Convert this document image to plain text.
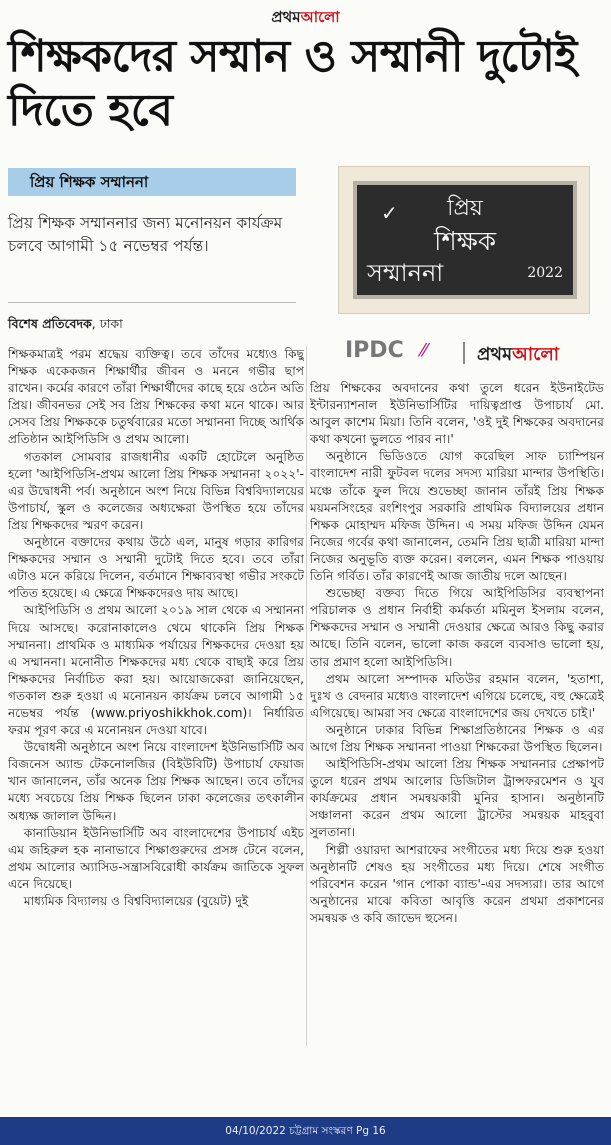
প্রথমআলো
শিক্ষকদের সম্মান ও সম্মানী দুটোই দিতে হবে
প্রিয় শিক্ষক সম্মাননা
প্রিয় শিক্ষক সম্মাননার জন্য মনোনয়ন কার্যক্রম চলবে আগামী ১৫ নভেম্বর পর্যন্ত।
বিশেষ প্রতিবেদক, ঢাকা
✓	প্রিয়
শিক্ষক
সম্মাননা	2022
IPDC ⁄⁄	প্রথমআলো

শিক্ষকমাত্রই পরম শ্রদ্ধেয় ব্যক্তিত্ব। তবে তাঁদের মধ্যেও কিছু শিক্ষক একেকজন শিক্ষার্থীর জীবন ও মননে গভীর ছাপ রাখেন। কর্মের কারণে তাঁরা শিক্ষার্থীদের কাছে হয়ে ওঠেন অতি প্রিয়। জীবনভর সেই সব প্রিয় শিক্ষকের কথা মনে থাকে। আর সেসব প্রিয় শিক্ষককে চতুর্থবারের মতো সম্মাননা দিচ্ছে আর্থিক প্রতিষ্ঠান আইপিডিসি ও প্রথম আলো।

গতকাল সোমবার রাজধানীর একটি হোটেলে অনুষ্ঠিত হলো 'আইপিডিসি-প্রথম আলো প্রিয় শিক্ষক সম্মাননা ২০২২'-এর উদ্বোধনী পর্ব। অনুষ্ঠানে অংশ নিয়ে বিভিন্ন বিশ্ববিদ্যালয়ের উপাচার্য, স্কুল ও কলেজের অধ্যক্ষেরা উপস্থিত হয়ে তাঁদের প্রিয় শিক্ষকদের স্মরণ করেন।

অনুষ্ঠানে বক্তাদের কথায় উঠে এল, মানুষ গড়ার কারিগর শিক্ষকদের সম্মান ও সম্মানী দুটোই দিতে হবে। তবে তাঁরা এটাও মনে করিয়ে দিলেন, বর্তমানে শিক্ষাব্যবস্থা গভীর সংকটে পতিত হয়েছে। এ ক্ষেত্রে শিক্ষকদেরও দায় আছে।

আইপিডিসি ও প্রথম আলো ২০১৯ সাল থেকে এ সম্মাননা দিয়ে আসছে। করোনাকালেও থেমে থাকেনি প্রিয় শিক্ষক সম্মাননা। প্রাথমিক ও মাধ্যমিক পর্যায়ের শিক্ষকদের দেওয়া হয় এ সম্মাননা। মনোনীত শিক্ষকদের মধ্য থেকে বাছাই করে প্রিয় শিক্ষকদের নির্বাচিত করা হয়। আয়োজকেরা জানিয়েছেন, গতকাল শুরু হওয়া এ মনোনয়ন কার্যক্রম চলবে আগামী ১৫ নভেম্বর পর্যন্ত (www.priyoshikkhok.com)। নির্ধারিত ফরম পূরণ করে এ মনোনয়ন দেওয়া যাবে।

উদ্বোধনী অনুষ্ঠানে অংশ নিয়ে বাংলাদেশ ইউনিভার্সিটি অব বিজনেস অ্যান্ড টেকনোলজির (বিইউবিটি) উপাচার্য ফেয়াজ খান জানালেন, তাঁর অনেক প্রিয় শিক্ষক আছেন। তবে তাঁদের মধ্যে সবচেয়ে প্রিয় শিক্ষক ছিলেন ঢাকা কলেজের তৎকালীন অধ্যক্ষ জালাল উদ্দিন।

কানাডিয়ান ইউনিভার্সিটি অব বাংলাদেশের উপাচার্য এইচ এম জহিরুল হক নানাভাবে শিক্ষাগুরুদের প্রসঙ্গ টেনে বলেন, প্রথম আলোর অ্যাসিড-সন্ত্রাসবিরোধী কার্যক্রম জাতিকে সুফল এনে দিয়েছে।

মাধ্যমিক বিদ্যালয় ও বিশ্ববিদ্যালয়ের (বুয়েট) দুই

প্রিয় শিক্ষকের অবদানের কথা তুলে ধরেন ইউনাইটেড ইন্টারন্যাশনাল ইউনিভার্সিটির দায়িত্বপ্রাপ্ত উপাচার্য মো. আবুল কাশেম মিয়া। তিনি বলেন, 'ওই দুই শিক্ষকের অবদানের কথা কখনো ভুলতে পারব না।'

অনুষ্ঠানে ভিডিওতে যোগ করেছিল সাফ চ্যাম্পিয়ন বাংলাদেশ নারী ফুটবল দলের সদস্য মারিয়া মান্দার উপস্থিতি। মঞ্চে তাঁকে ফুল দিয়ে শুভেচ্ছা জানান তাঁরই প্রিয় শিক্ষক ময়মনসিংহের রংশিংপুর সরকারি প্রাথমিক বিদ্যালয়ের প্রধান শিক্ষক মোহাম্মদ মফিজ উদ্দিন। এ সময় মফিজ উদ্দিন যেমন নিজের গর্বের কথা জানালেন, তেমনি প্রিয় ছাত্রী মারিয়া মান্দা নিজের অনুভূতি ব্যক্ত করেন। বললেন, এমন শিক্ষক পাওয়ায় তিনি গর্বিত। তাঁর কারণেই আজ জাতীয় দলে আছেন।

শুভেচ্ছা বক্তব্য দিতে গিয়ে আইপিডিসির ব্যবস্থাপনা পরিচালক ও প্রধান নির্বাহী কর্মকর্তা মমিনুল ইসলাম বলেন, শিক্ষকদের সম্মান ও সম্মানী দেওয়ার ক্ষেত্রে আরও কিছু করার আছে। তিনি বলেন, ভালো কাজ করলে ব্যবসাও ভালো হয়, তার প্রমাণ হলো আইপিডিসি।

প্রথম আলো সম্পাদক মতিউর রহমান বলেন, 'হতাশা, দুঃখ ও বেদনার মধ্যেও বাংলাদেশ এগিয়ে চলেছে, বহু ক্ষেত্রেই এগিয়েছে। আমরা সব ক্ষেত্রে বাংলাদেশের জয় দেখতে চাই।'

অনুষ্ঠানে ঢাকার বিভিন্ন শিক্ষাপ্রতিষ্ঠানের শিক্ষক ও এর আগে প্রিয় শিক্ষক সম্মাননা পাওয়া শিক্ষকেরা উপস্থিত ছিলেন।

আইপিডিসি-প্রথম আলো প্রিয় শিক্ষক সম্মাননার প্রেক্ষাপট তুলে ধরেন প্রথম আলোর ডিজিটাল ট্রান্সফরমেশন ও যুব কার্যক্রমের প্রধান সমন্বয়কারী মুনির হাসান। অনুষ্ঠানটি সঞ্চালনা করেন প্রথম আলো ট্রাস্টের সমন্বয়ক মাহবুবা সুলতানা।

শিল্পী ওয়ারদা আশরাফের সংগীতের মধ্য দিয়ে শুরু হওয়া অনুষ্ঠানটি শেষও হয় সংগীতের মধ্য দিয়ে। শেষে সংগীত পরিবেশন করেন 'গান পোকা ব্যান্ড'-এর সদস্যরা। তার আগে অনুষ্ঠানের মাঝে কবিতা আবৃত্তি করেন প্রথমা প্রকাশনের সমন্বয়ক ও কবি জাভেদ হুসেন।

04/10/2022 চট্টগ্রাম সংস্করণ Pg 16
